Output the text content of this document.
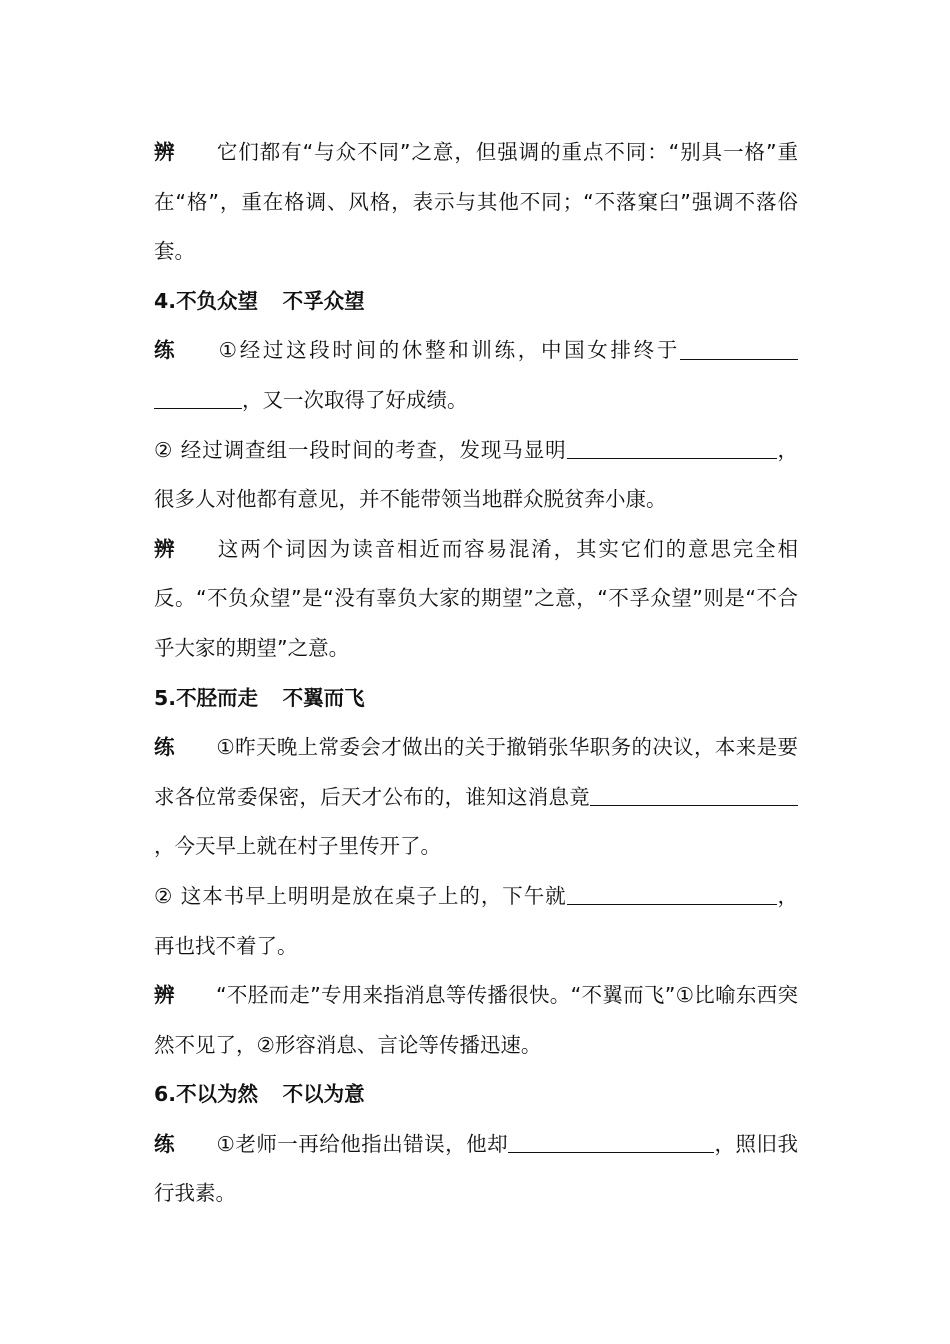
辨 它们都有“与众不同”之意，但强调的重点不同：“别具一格”重在“格”，重在格调、风格，表示与其他不同；“不落窠臼”强调不落俗套。

4.不负众望 不孚众望

练 ①经过这段时间的休整和训练，中国女排终于，又一次取得了好成绩。

② 经过调查组一段时间的考查，发现马显明	，很多人对他都有意见，并不能带领当地群众脱贫奔小康。

辨 这两个词因为读音相近而容易混淆，其实它们的意思完全相反。“不负众望”是“没有辜负大家的期望”之意，“不孚众望”则是“不合乎大家的期望”之意。

5.不胫而走 不翼而飞

练 ①昨天晚上常委会才做出的关于撤销张华职务的决议，本来是要求各位常委保密，后天才公布的，谁知这消息竟，今天早上就在村子里传开了。

② 这本书早上明明是放在桌子上的，下午就	，再也找不着了。

辨 “不胫而走”专用来指消息等传播很快。“不翼而飞”①比喻东西突然不见了，②形容消息、言论等传播迅速。

6.不以为然 不以为意

练 ①老师一再给他指出错误，他却	，照旧我行我素。
